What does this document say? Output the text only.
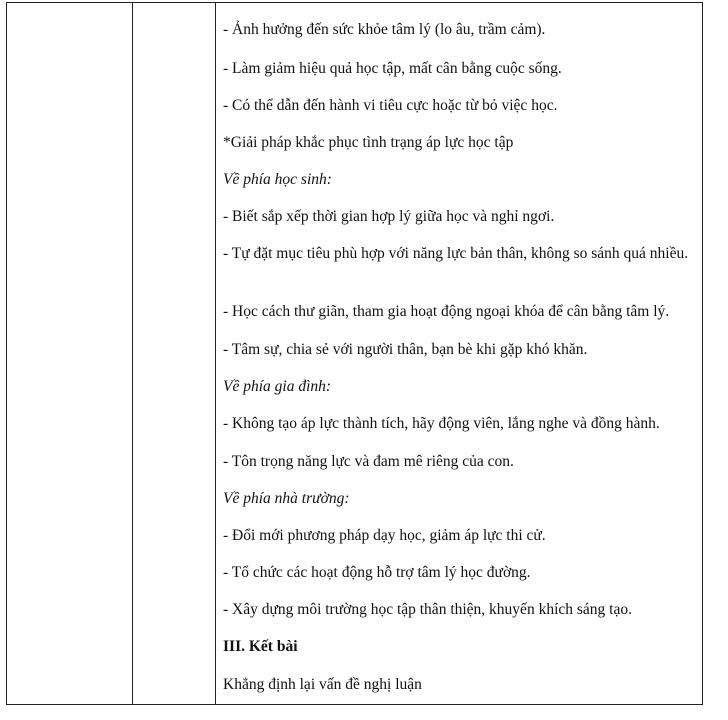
- Ảnh hưởng đến sức khỏe tâm lý (lo âu, trầm cảm).
- Làm giảm hiệu quả học tập, mất cân bằng cuộc sống.
- Có thể dẫn đến hành vi tiêu cực hoặc từ bỏ việc học.
*Giải pháp khắc phục tình trạng áp lực học tập
Về phía học sinh:
- Biết sắp xếp thời gian hợp lý giữa học và nghỉ ngơi.
- Tự đặt mục tiêu phù hợp với năng lực bản thân, không so sánh quá nhiều.
- Học cách thư giãn, tham gia hoạt động ngoại khóa để cân bằng tâm lý.
- Tâm sự, chia sẻ với người thân, bạn bè khi gặp khó khăn.
Về phía gia đình:
- Không tạo áp lực thành tích, hãy động viên, lắng nghe và đồng hành.
- Tôn trọng năng lực và đam mê riêng của con.
Về phía nhà trường:
- Đổi mới phương pháp dạy học, giảm áp lực thi cử.
- Tổ chức các hoạt động hỗ trợ tâm lý học đường.
- Xây dựng môi trường học tập thân thiện, khuyến khích sáng tạo.
III. Kết bài
Khẳng định lại vấn đề nghị luận
